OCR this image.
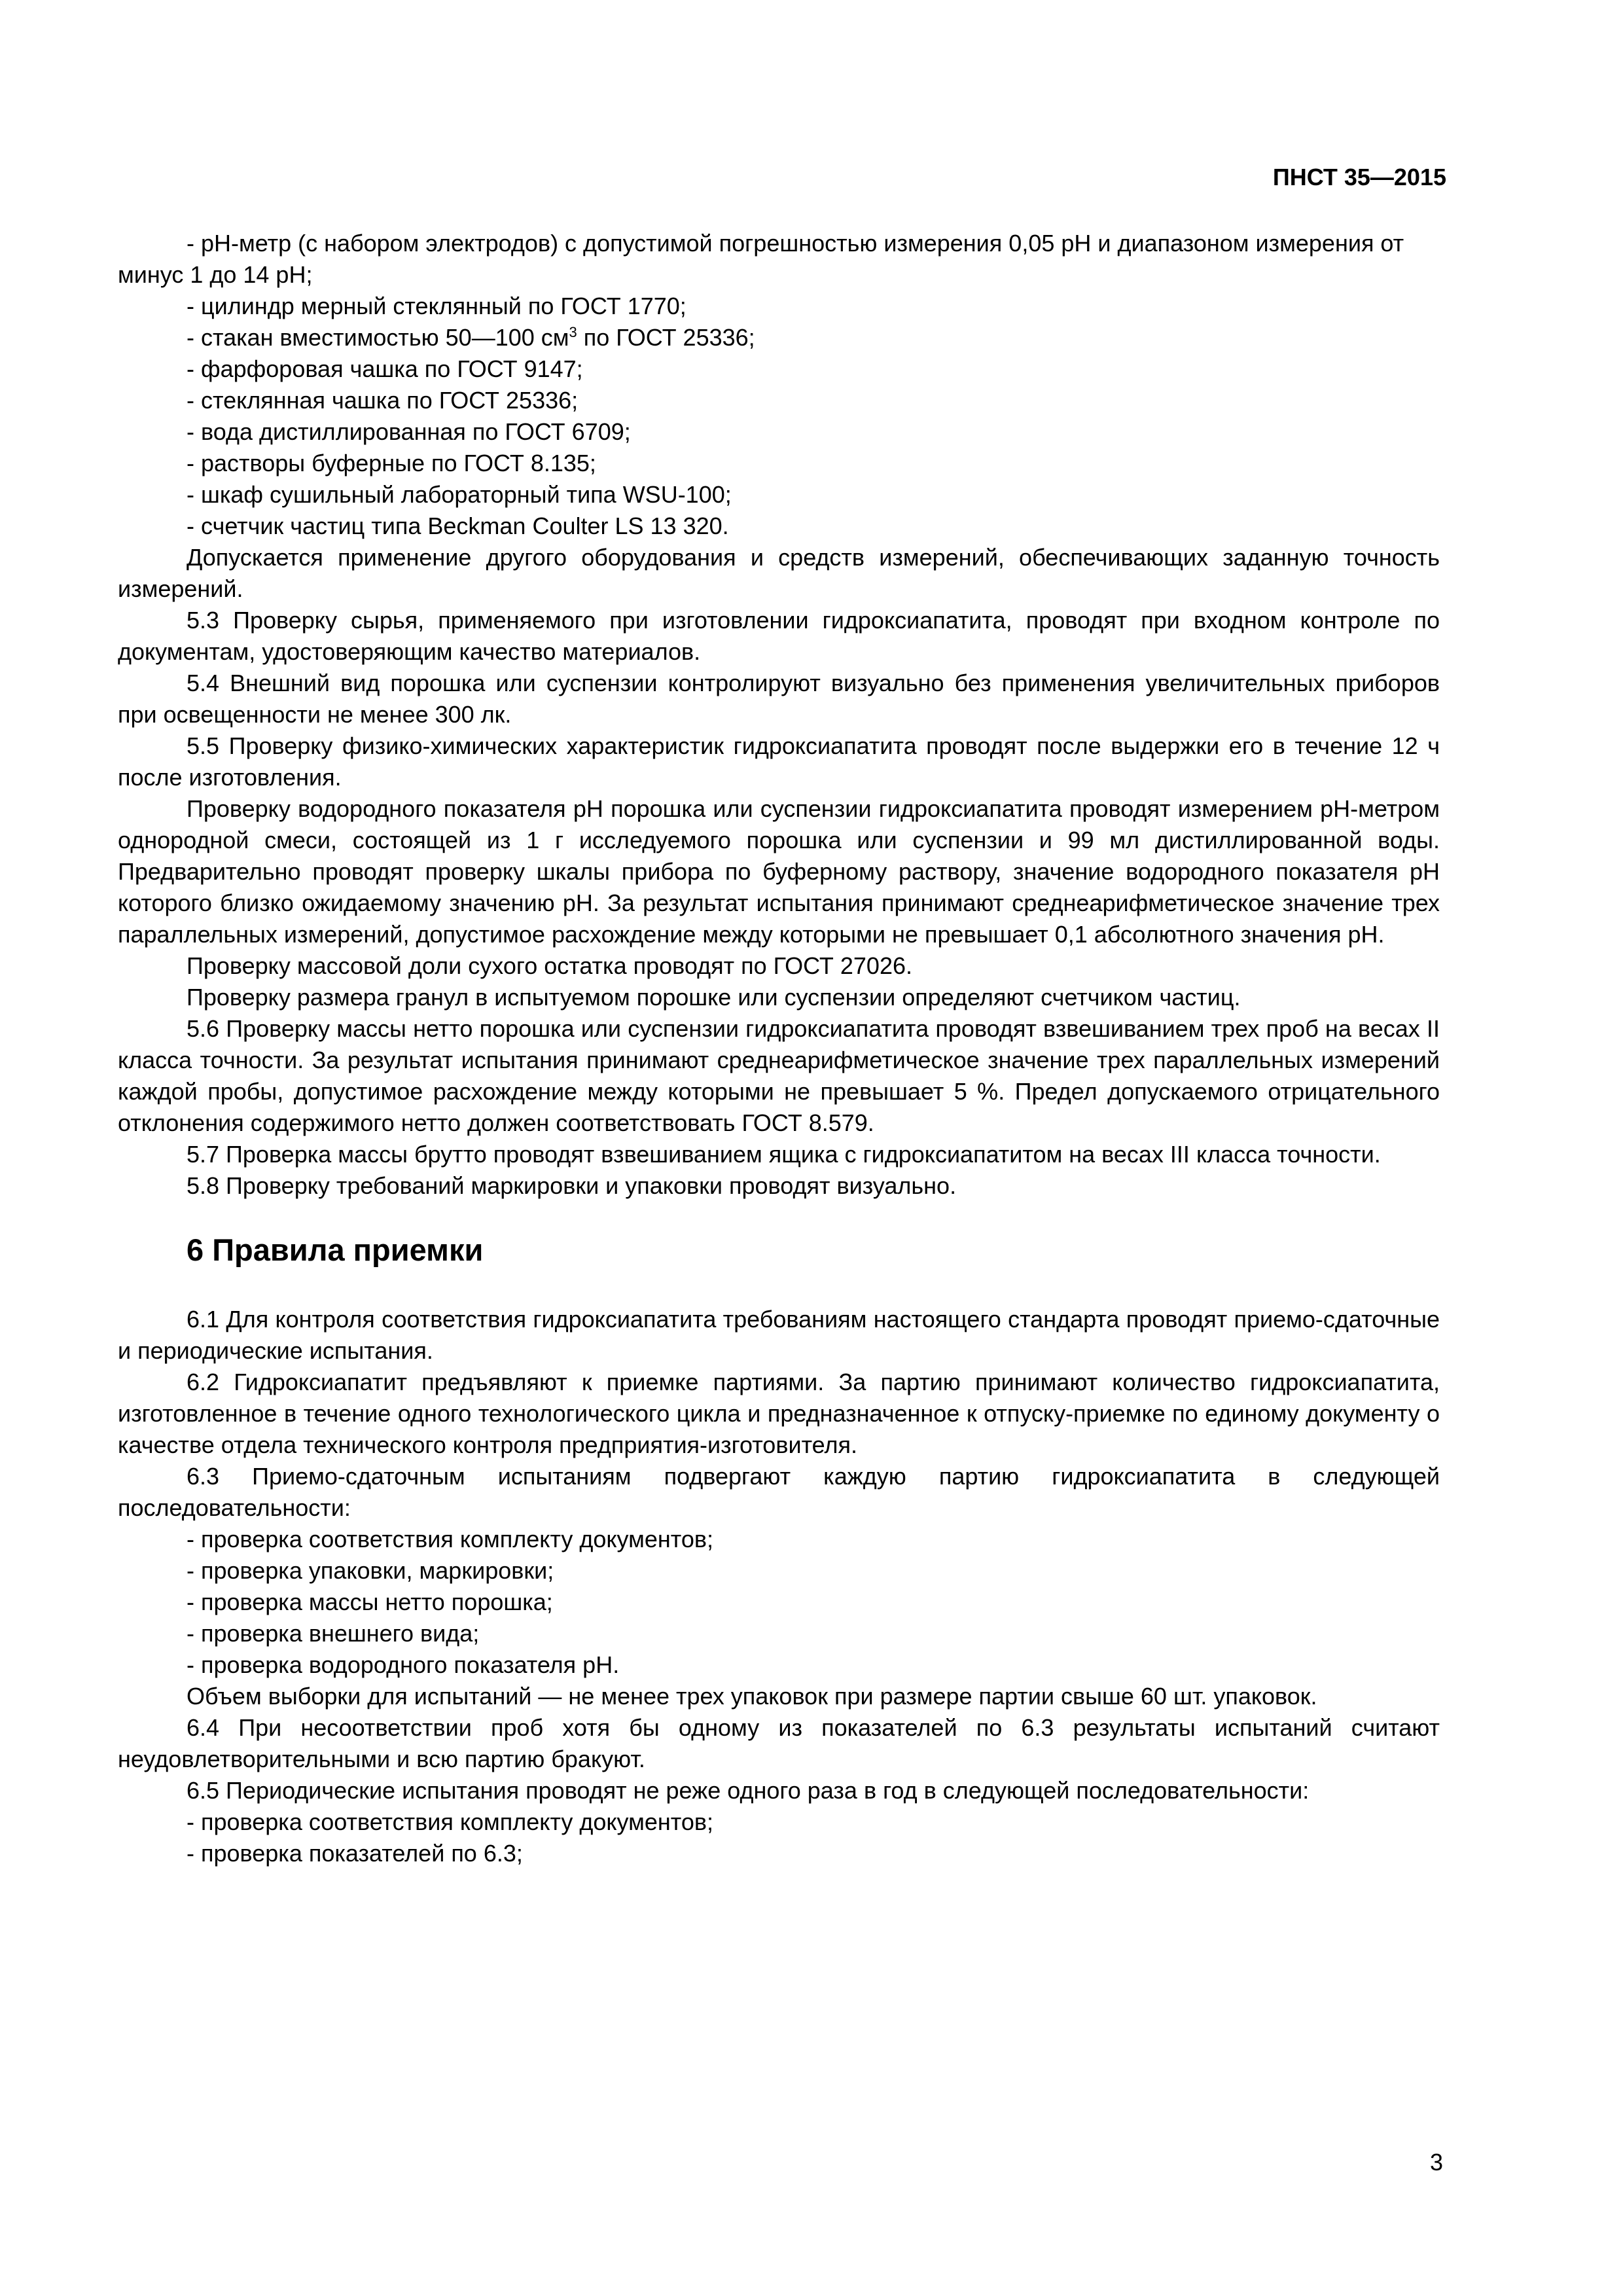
ПНСТ 35—2015

- рН-метр (с набором электродов) с допустимой погрешностью измерения 0,05 рН и диапазоном измерения от минус 1 до 14 рН;

- цилиндр мерный стеклянный по ГОСТ 1770;

- стакан вместимостью 50—100 $см^3$ по ГОСТ 25336;

- фарфоровая чашка по ГОСТ 9147;

- стеклянная чашка по ГОСТ 25336;

- вода дистиллированная по ГОСТ 6709;

- растворы буферные по ГОСТ 8.135;

- шкаф сушильный лабораторный типа WSU-100;

- счетчик частиц типа Beckman Coulter LS 13 320.

Допускается применение другого оборудования и средств измерений, обеспечивающих заданную точность измерений.

5.3 Проверку сырья, применяемого при изготовлении гидроксиапатита, проводят при входном контроле по документам, удостоверяющим качество материалов.

5.4 Внешний вид порошка или суспензии контролируют визуально без применения увеличительных приборов при освещенности не менее 300 лк.

5.5 Проверку физико-химических характеристик гидроксиапатита проводят после выдержки его в течение 12 ч после изготовления.

Проверку водородного показателя рН порошка или суспензии гидроксиапатита проводят измерением рН-метром однородной смеси, состоящей из 1 г исследуемого порошка или суспензии и 99 мл дистиллированной воды. Предварительно проводят проверку шкалы прибора по буферному раствору, значение водородного показателя рН которого близко ожидаемому значению рН. За результат испытания принимают среднеарифметическое значение трех параллельных измерений, допустимое расхождение между которыми не превышает 0,1 абсолютного значения рН.

Проверку массовой доли сухого остатка проводят по ГОСТ 27026.

Проверку размера гранул в испытуемом порошке или суспензии определяют счетчиком частиц.

5.6 Проверку массы нетто порошка или суспензии гидроксиапатита проводят взвешиванием трех проб на весах II класса точности. За результат испытания принимают среднеарифметическое значение трех параллельных измерений каждой пробы, допустимое расхождение между которыми не превышает 5 %. Предел допускаемого отрицательного отклонения содержимого нетто должен соответствовать ГОСТ 8.579.

5.7 Проверка массы брутто проводят взвешиванием ящика с гидроксиапатитом на весах III класса точности.

5.8 Проверку требований маркировки и упаковки проводят визуально.

6 Правила приемки

6.1 Для контроля соответствия гидроксиапатита требованиям настоящего стандарта проводят приемо-сдаточные и периодические испытания.

6.2 Гидроксиапатит предъявляют к приемке партиями. За партию принимают количество гидроксиапатита, изготовленное в течение одного технологического цикла и предназначенное к отпуску-приемке по единому документу о качестве отдела технического контроля предприятия-изготовителя.

6.3 Приемо-сдаточным испытаниям подвергают каждую партию гидроксиапатита в следующей последовательности:

- проверка соответствия комплекту документов;

- проверка упаковки, маркировки;

- проверка массы нетто порошка;

- проверка внешнего вида;

- проверка водородного показателя рН.

Объем выборки для испытаний — не менее трех упаковок при размере партии свыше 60 шт. упаковок.

6.4 При несоответствии проб хотя бы одному из показателей по 6.3 результаты испытаний считают неудовлетворительными и всю партию бракуют.

6.5 Периодические испытания проводят не реже одного раза в год в следующей последовательности:

- проверка соответствия комплекту документов;

- проверка показателей по 6.3;

3
